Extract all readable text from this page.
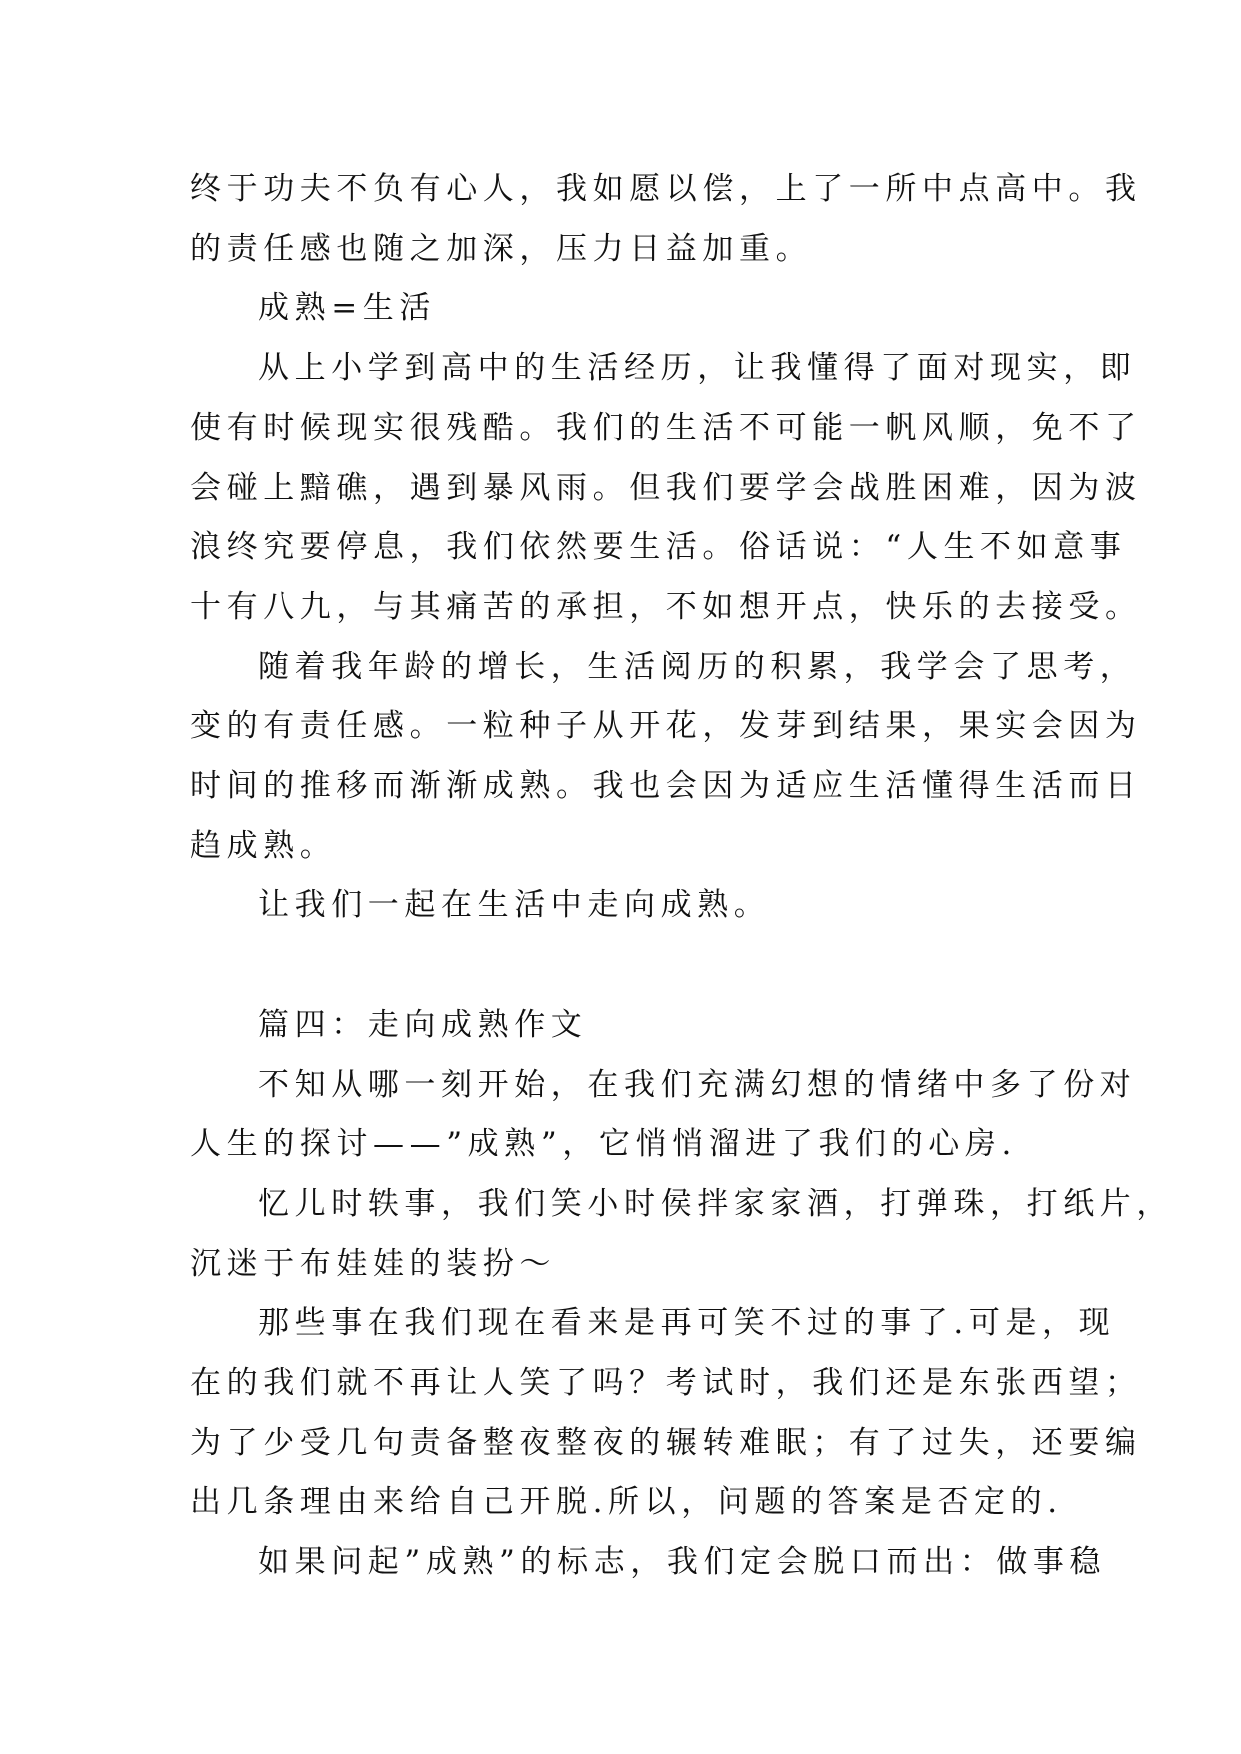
终于功夫不负有心人，我如愿以偿，上了一所中点高中。我
的责任感也随之加深，压力日益加重。
成熟=生活
从上小学到高中的生活经历，让我懂得了面对现实，即
使有时候现实很残酷。我们的生活不可能一帆风顺，免不了
会碰上黯礁，遇到暴风雨。但我们要学会战胜困难，因为波
浪终究要停息，我们依然要生活。俗话说：“人生不如意事
十有八九，与其痛苦的承担，不如想开点，快乐的去接受。
随着我年龄的增长，生活阅历的积累，我学会了思考，
变的有责任感。一粒种子从开花，发芽到结果，果实会因为
时间的推移而渐渐成熟。我也会因为适应生活懂得生活而日
趋成熟。
让我们一起在生活中走向成熟。
篇四：走向成熟作文
不知从哪一刻开始，在我们充满幻想的情绪中多了份对
人生的探讨——”成熟”，它悄悄溜进了我们的心房.
忆儿时轶事，我们笑小时侯拌家家酒，打弹珠，打纸片，
沉迷于布娃娃的装扮～
那些事在我们现在看来是再可笑不过的事了.可是，现
在的我们就不再让人笑了吗？考试时，我们还是东张西望；
为了少受几句责备整夜整夜的辗转难眠；有了过失，还要编
出几条理由来给自己开脱.所以，问题的答案是否定的.
如果问起”成熟”的标志，我们定会脱口而出：做事稳
